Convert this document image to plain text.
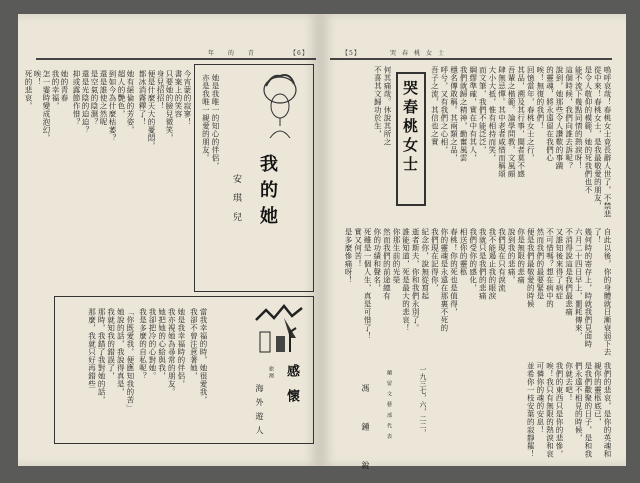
年 的 青	【6】
我的她
安琪兒
她是我唯一的知心的伴侶，
亦是我唯一親愛的朋友。
今宵蒙的寂寥！
書案上的笑容
只要她的臉兒微笑，
身兒招招！
便是什麼天大的憂悶，
都冰消霧釋了！
她有絕倫的芳姿，
超人的艷色，
到如今為什麼枯萎？
還是誰使之然呢
是空氣的陰濕？
還是光陰的迫迫？
抑或露節作惜？
她的青春
我的幸福，
怎一霎時變成泡幻，
唉！
死的悲哀，
感懷
旅澳
海外遊人
當我幸福的時，她很愛我，
我卻不曾注意著她，
她是我幸福時的伴侶，
我亦視她為尋常的朋友。
她把她的心給與我，
我卻把冷的心對她。
我是多麼的自私呢？
「你既愛我，便應知我的苦」
她說的話，我說得真是，
我就知我的錯誤了，
那時，我錯了我對她的話，
那麼，我就只好再錯些
【5】	哭春桃女士
哭春桃女士	嗚呼哀哉！春桃女士竟長辭人世了，不禁悲
從中來！春桃女士，是我最敬愛的朋友，
是令人敬仰的模範，她的死我們也不
能不流下幾點同情的熱淚呀！
這個時候，我們向誰去訴呢？
說到，她那些令人讚歎的事蹟
的靈魂，將永遠留在我們心
唉！無復的我們！
回憶當年，春桃女士之行，
其品，溯及其行事，聞者莫不感
吾輩之楷範。論學問教，文風頗
肆無忌憚。其中老者咸惜而稱頌
大小大抵，惟有相持而笑，
而文筆，我們不能泛泛，
綱繆準確，實在中有其人，
我們就歸之精神，勤奮風雲
穩名傳敢稱。其兩類之品，
呼兮，又有我們之心相，
吾子之流，其信也之實
何其痛哉。休說其所之
不喜其文歸功於生，
自此以後，你的身體就日漸衰弱下去了！
幾何時的寄存上，時就我們見面時
六月二十四日早上，噩耗傳來，
不消得說這是我們最悲痛
又誰知後來得了病症
不可惜嗎？想在病中的
然而我們的最要緊是
便是我們最敬愛的時候
你是無限的悲痛
說到我的悲痛，
我們現在只有淚流
我不能遏止我的眼淚
我就只是我們的悲痛
我們受你的感化，
相送你的靈柩
春桃！你的死也是值得，
你的靈魂是永遠在那裏不死的
我們現在記得你，
紀念你，說無從寫起
逝者斯夫，你和我們永別了。
誰能知道，死是最大的悲哀！
你那生前的光榮
然而我們的前途總有
你的功績和聲名，
死雖是一個人生，真是可惜了！
實又何苦！
是多麼慘痛呀！
我們的悲哀，是你的英魂和親你的靈柩底已，
是我們歡聚的日子，是和我們永遠不相見的時候，
你就去吧！
我們的東西只是你的悲慘，
唉！我只有無限的熱淚和哀
可憐你的魂的安息！
並希你一枝安葉的寂靜罷！
一九三七，六，二二，
蘭 留 文 藝 部 代 表
馮 鍾 銳
